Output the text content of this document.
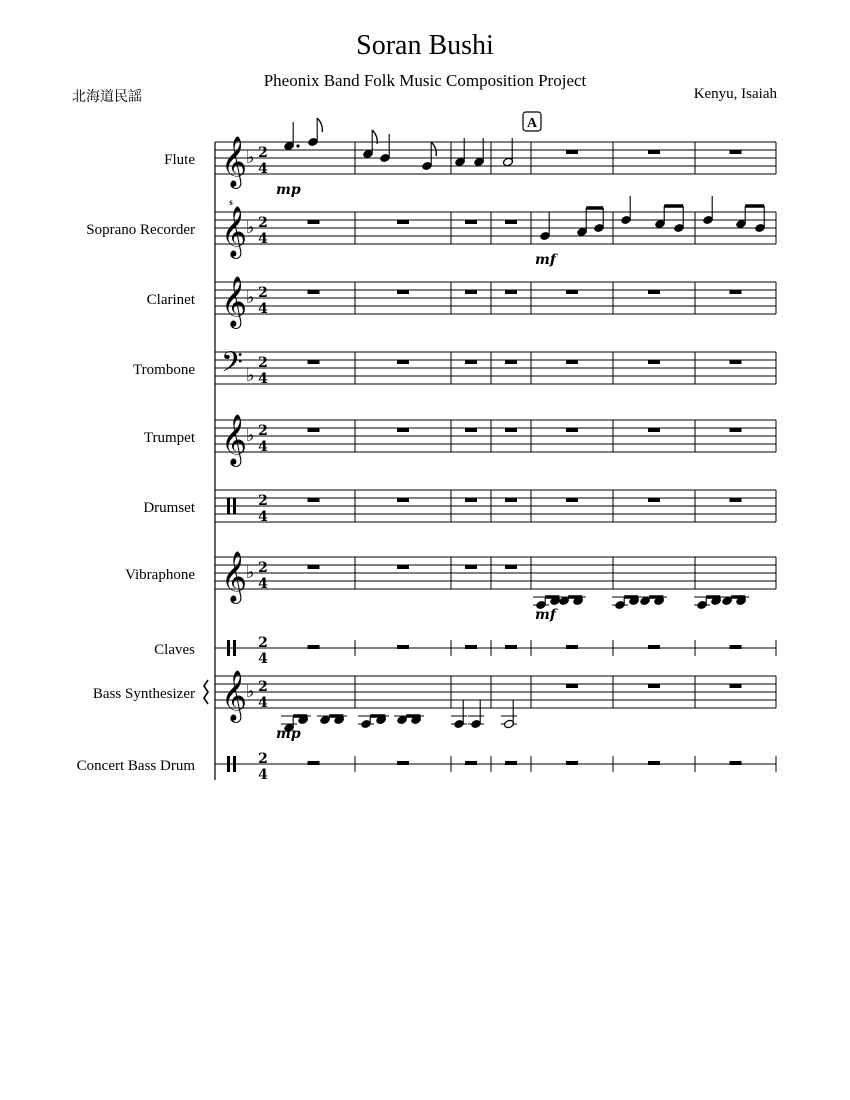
Soran Bushi
Pheonix Band Folk Music Composition Project
北海道民謡	Kenyu, Isaiah
A
Flute 𝄞
♭ 2
4
mp
Soprano Recorder 𝄞
s
♭ 2
4
mf
Clarinet 𝄞
♭ 2
4
Trombone 𝄢 ♭
2
4
Trumpet 𝄞
♭ 2
4
Drumset	2
4
Vibraphone 𝄞
♭ 2
4
mf
Claves	2
4
Bass Synthesizer 𝄞
♭ 2
4
mp
Concert Bass Drum	2
4
